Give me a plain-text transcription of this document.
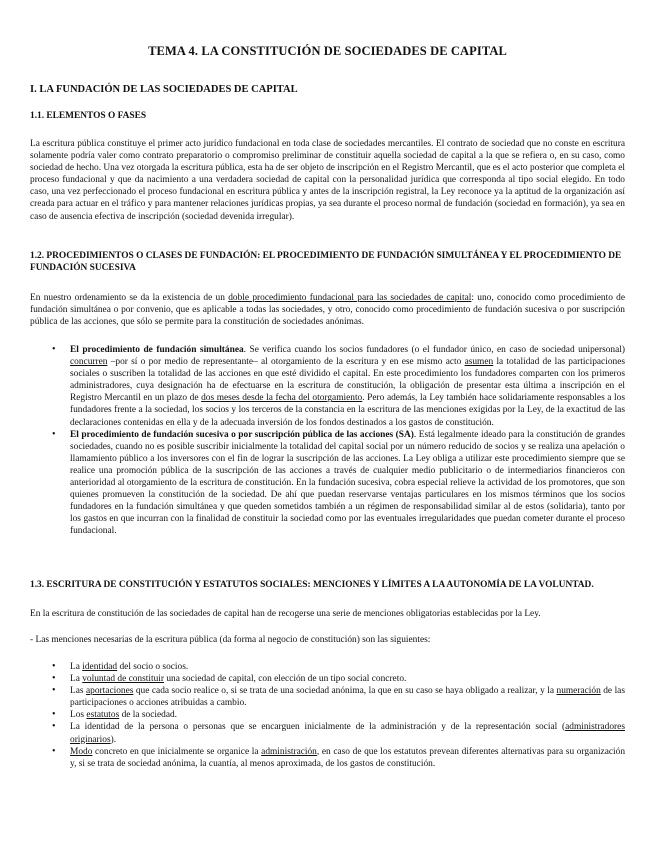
TEMA 4. LA CONSTITUCIÓN DE SOCIEDADES DE CAPITAL
I. LA FUNDACIÓN DE LAS SOCIEDADES DE CAPITAL
1.1. ELEMENTOS O FASES
La escritura pública constituye el primer acto jurídico fundacional en toda clase de sociedades mercantiles. El contrato de sociedad que no conste en escritura solamente podría valer como contrato preparatorio o compromiso preliminar de constituir aquella sociedad de capital a la que se refiera o, en su caso, como sociedad de hecho. Una vez otorgada la escritura pública, esta ha de ser objeto de inscripción en el Registro Mercantil, que es el acto posterior que completa el proceso fundacional y que da nacimiento a una verdadera sociedad de capital con la personalidad jurídica que corresponda al tipo social elegido. En todo caso, una vez perfeccionado el proceso fundacional en escritura pública y antes de la inscripción registral, la Ley reconoce ya la aptitud de la organización así creada para actuar en el tráfico y para mantener relaciones jurídicas propias, ya sea durante el proceso normal de fundación (sociedad en formación), ya sea en caso de ausencia efectiva de inscripción (sociedad devenida irregular).
1.2. PROCEDIMIENTOS O CLASES DE FUNDACIÓN: EL PROCEDIMIENTO DE FUNDACIÓN SIMULTÁNEA Y EL PROCEDIMIENTO DE FUNDACIÓN SUCESIVA
En nuestro ordenamiento se da la existencia de un doble procedimiento fundacional para las sociedades de capital: uno, conocido como procedimiento de fundación simultánea o por convenio, que es aplicable a todas las sociedades, y otro, conocido como procedimiento de fundación sucesiva o por suscripción pública de las acciones, que sólo se permite para la constitución de sociedades anónimas.
• El procedimiento de fundación simultánea. Se verifica cuando los socios fundadores (o el fundador único, en caso de sociedad unipersonal) concurren –por sí o por medio de representante– al otorgamiento de la escritura y en ese mismo acto asumen la totalidad de las participaciones sociales o suscriben la totalidad de las acciones en que esté dividido el capital. En este procedimiento los fundadores comparten con los primeros administradores, cuya designación ha de efectuarse en la escritura de constitución, la obligación de presentar esta última a inscripción en el Registro Mercantil en un plazo de dos meses desde la fecha del otorgamiento. Pero además, la Ley también hace solidariamente responsables a los fundadores frente a la sociedad, los socios y los terceros de la constancia en la escritura de las menciones exigidas por la Ley, de la exactitud de las declaraciones contenidas en ella y de la adecuada inversión de los fondos destinados a los gastos de constitución.
• El procedimiento de fundación sucesiva o por suscripción pública de las acciones (SA). Está legalmente ideado para la constitución de grandes sociedades, cuando no es posible suscribir inicialmente la totalidad del capital social por un número reducido de socios y se realiza una apelación o llamamiento público a los inversores con el fin de lograr la suscripción de las acciones. La Ley obliga a utilizar este procedimiento siempre que se realice una promoción pública de la suscripción de las acciones a través de cualquier medio publicitario o de intermediarios financieros con anterioridad al otorgamiento de la escritura de constitución. En la fundación sucesiva, cobra especial relieve la actividad de los promotores, que son quienes promueven la constitución de la sociedad. De ahí que puedan reservarse ventajas particulares en los mismos términos que los socios fundadores en la fundación simultánea y que queden sometidos también a un régimen de responsabilidad similar al de estos (solidaria), tanto por los gastos en que incurran con la finalidad de constituir la sociedad como por las eventuales irregularidades que puedan cometer durante el proceso fundacional.
1.3. ESCRITURA DE CONSTITUCIÓN Y ESTATUTOS SOCIALES: MENCIONES Y LÍMITES A LA AUTONOMÍA DE LA VOLUNTAD.
En la escritura de constitución de las sociedades de capital han de recogerse una serie de menciones obligatorias establecidas por la Ley.
- Las menciones necesarias de la escritura pública (da forma al negocio de constitución) son las siguientes:
• La identidad del socio o socios.
• La voluntad de constituir una sociedad de capital, con elección de un tipo social concreto.
• Las aportaciones que cada socio realice o, si se trata de una sociedad anónima, la que en su caso se haya obligado a realizar, y la numeración de las participaciones o acciones atribuidas a cambio.
• Los estatutos de la sociedad.
• La identidad de la persona o personas que se encarguen inicialmente de la administración y de la representación social (administradores originarios).
• Modo concreto en que inicialmente se organice la administración, en caso de que los estatutos prevean diferentes alternativas para su organización y, si se trata de sociedad anónima, la cuantía, al menos aproximada, de los gastos de constitución.
